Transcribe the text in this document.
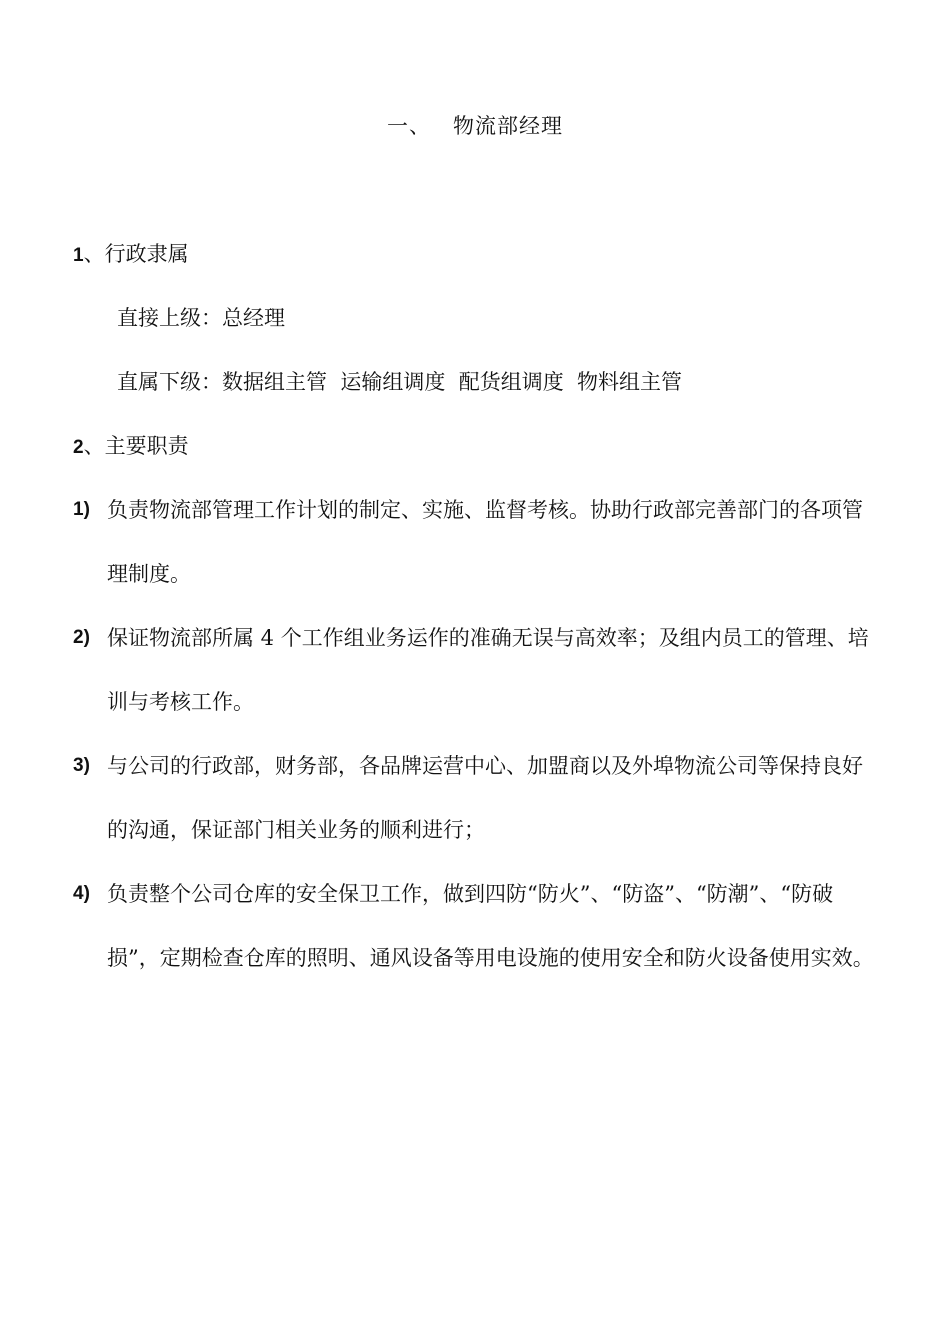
一、 物流部经理
1、行政隶属
直接上级：总经理
直属下级：数据组主管  运输组调度  配货组调度  物料组主管
2、主要职责
1) 负责物流部管理工作计划的制定、实施、监督考核。协助行政部完善部门的各项管理制度。
2) 保证物流部所属 4 个工作组业务运作的准确无误与高效率；及组内员工的管理、培训与考核工作。
3) 与公司的行政部，财务部，各品牌运营中心、加盟商以及外埠物流公司等保持良好的沟通，保证部门相关业务的顺利进行；
4) 负责整个公司仓库的安全保卫工作，做到四防“防火”、“防盗”、“防潮”、“防破损”，定期检查仓库的照明、通风设备等用电设施的使用安全和防火设备使用实效。
